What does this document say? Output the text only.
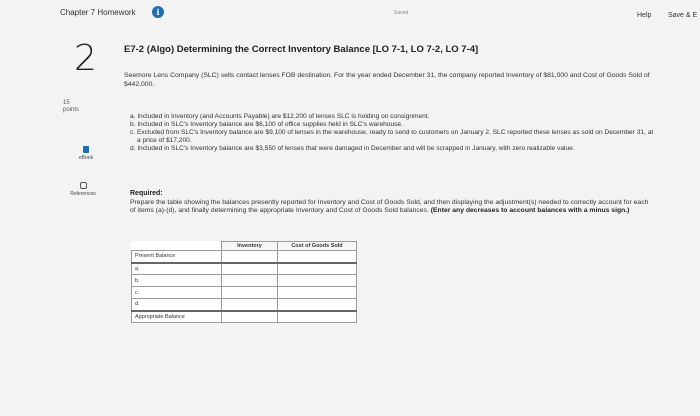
Chapter 7 Homework	i	Saved	Help Save & E
2
15
points
eBook
References
E7-2 (Algo) Determining the Correct Inventory Balance [LO 7-1, LO 7-2, LO 7-4]
Seemore Lens Company (SLC) sells contact lenses FOB destination. For the year ended December 31, the company reported Inventory of $81,000 and Cost of Goods Sold of $442,000.
a. Included in Inventory (and Accounts Payable) are $12,200 of lenses SLC is holding on consignment.
b. Included in SLC's Inventory balance are $6,100 of office supplies held in SLC's warehouse.
c. Excluded from SLC's Inventory balance are $9,100 of lenses in the warehouse, ready to send to customers on January 2. SLC reported these lenses as sold on December 31, at a price of $17,200.
d. Included in SLC's Inventory balance are $3,550 of lenses that were damaged in December and will be scrapped in January, with zero realizable value.
Required:
Prepare the table showing the balances presently reported for Inventory and Cost of Goods Sold, and then displaying the adjustment(s) needed to correctly account for each of items (a)-(d), and finally determining the appropriate Inventory and Cost of Goods Sold balances. (Enter any decreases to account balances with a minus sign.)
	Inventory	Cost of Goods Sold
Present Balance		
a.		
b.		
c.		
d.		
Appropriate Balance		
